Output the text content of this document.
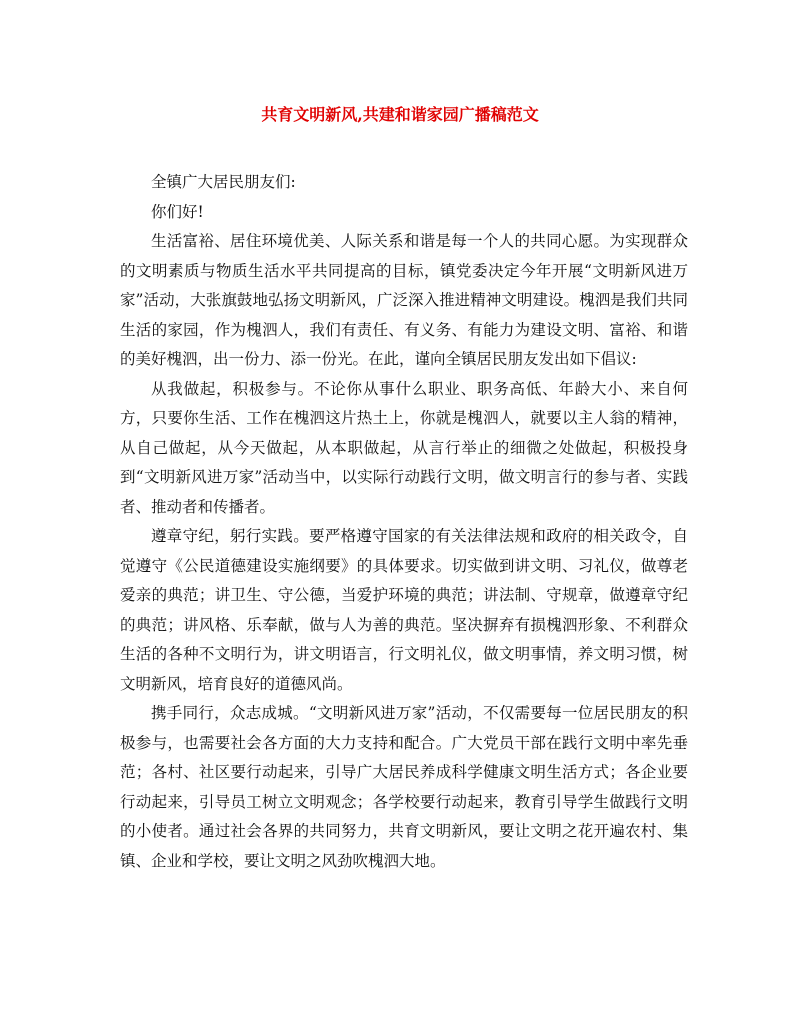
共育文明新风,共建和谐家园广播稿范文

全镇广大居民朋友们:

你们好!

生活富裕、居住环境优美、人际关系和谐是每一个人的共同心愿。为实现群众的文明素质与物质生活水平共同提高的目标，镇党委决定今年开展“文明新风进万家”活动，大张旗鼓地弘扬文明新风，广泛深入推进精神文明建设。槐泗是我们共同生活的家园，作为槐泗人，我们有责任、有义务、有能力为建设文明、富裕、和谐的美好槐泗，出一份力、添一份光。在此，谨向全镇居民朋友发出如下倡议:

从我做起，积极参与。不论你从事什么职业、职务高低、年龄大小、来自何方，只要你生活、工作在槐泗这片热土上，你就是槐泗人，就要以主人翁的精神，从自己做起，从今天做起，从本职做起，从言行举止的细微之处做起，积极投身到“文明新风进万家”活动当中，以实际行动践行文明，做文明言行的参与者、实践者、推动者和传播者。

遵章守纪，躬行实践。要严格遵守国家的有关法律法规和政府的相关政令，自觉遵守《公民道德建设实施纲要》的具体要求。切实做到讲文明、习礼仪，做尊老爱亲的典范；讲卫生、守公德，当爱护环境的典范；讲法制、守规章，做遵章守纪的典范；讲风格、乐奉献，做与人为善的典范。坚决摒弃有损槐泗形象、不利群众生活的各种不文明行为，讲文明语言，行文明礼仪，做文明事情，养文明习惯，树文明新风，培育良好的道德风尚。

携手同行，众志成城。“文明新风进万家”活动，不仅需要每一位居民朋友的积极参与，也需要社会各方面的大力支持和配合。广大党员干部在践行文明中率先垂范；各村、社区要行动起来，引导广大居民养成科学健康文明生活方式；各企业要行动起来，引导员工树立文明观念；各学校要行动起来，教育引导学生做践行文明的小使者。通过社会各界的共同努力，共育文明新风，要让文明之花开遍农村、集镇、企业和学校，要让文明之风劲吹槐泗大地。
